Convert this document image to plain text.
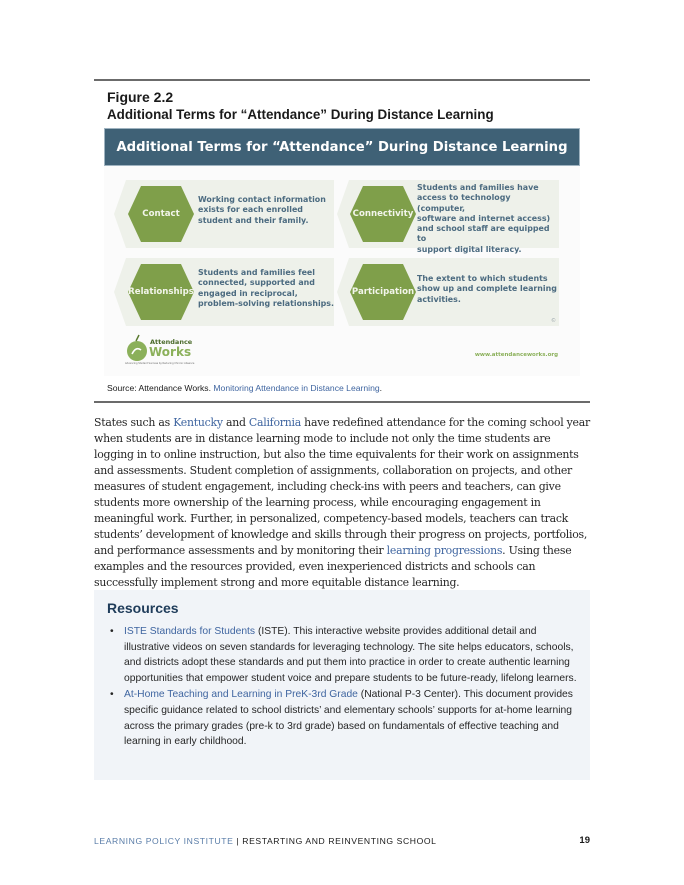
Figure 2.2
Additional Terms for “Attendance” During Distance Learning
Additional Terms for “Attendance” During Distance Learning
Contact
Working contact information
exists for each enrolled
student and their family.
Connectivity
Students and families have
access to technology (computer,
software and internet access)
and school staff are equipped to
support digital literacy.
Relationships
Students and families feel
connected, supported and
engaged in reciprocal,
problem-solving relationships.
Participation
The extent to which students
show up and complete learning
activities.
©
Attendance
Works
Advancing Student Success by Reducing Chronic Absence
www.attendanceworks.org
Source: Attendance Works. Monitoring Attendance in Distance Learning.
States such as Kentucky and California have redefined attendance for the coming school year when students are in distance learning mode to include not only the time students are logging in to online instruction, but also the time equivalents for their work on assignments and assessments. Student completion of assignments, collaboration on projects, and other measures of student engagement, including check-ins with peers and teachers, can give students more ownership of the learning process, while encouraging engagement in meaningful work. Further, in personalized, competency-based models, teachers can track students’ development of knowledge and skills through their progress on projects, portfolios, and performance assessments and by monitoring their learning progressions. Using these examples and the resources provided, even inexperienced districts and schools can successfully implement strong and more equitable distance learning.
Resources
• ISTE Standards for Students (ISTE). This interactive website provides additional detail and illustrative videos on seven standards for leveraging technology. The site helps educators, schools, and districts adopt these standards and put them into practice in order to create authentic learning opportunities that empower student voice and prepare students to be future-ready, lifelong learners.
• At-Home Teaching and Learning in PreK-3rd Grade (National P-3 Center). This document provides specific guidance related to school districts’ and elementary schools’ supports for at-home learning across the primary grades (pre-k to 3rd grade) based on fundamentals of effective teaching and learning in early childhood.
LEARNING POLICY INSTITUTE | RESTARTING AND REINVENTING SCHOOL	19
